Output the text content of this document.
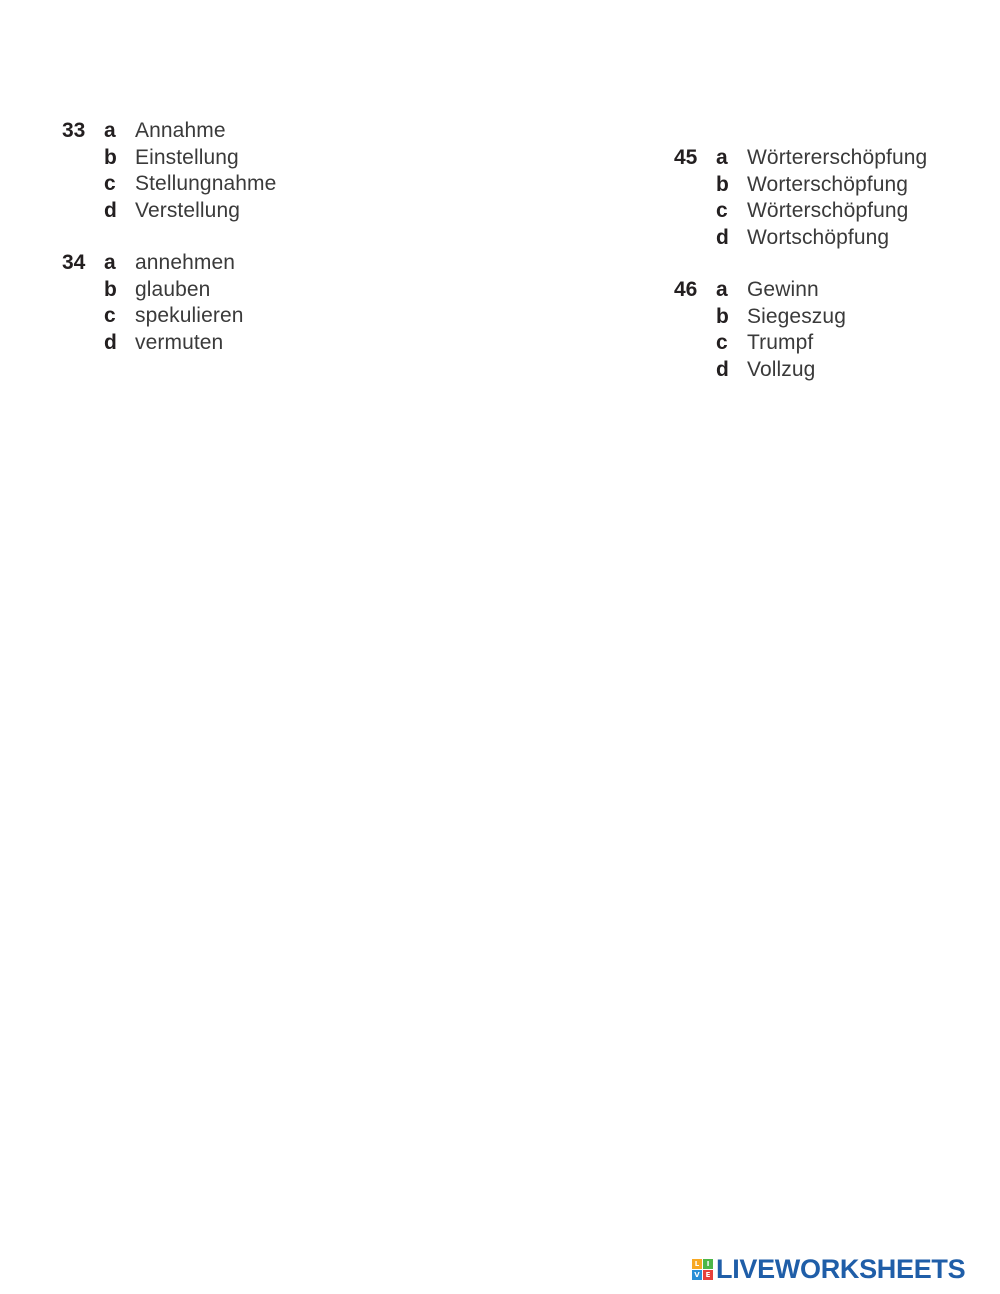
33 a Annahme
b Einstellung
c Stellungnahme
d Verstellung
34 a annehmen
b glauben
c spekulieren
d vermuten
45 a Wörtererschöpfung
b Worterschöpfung
c Wörterschöpfung
d Wortschöpfung
46 a Gewinn
b Siegeszug
c Trumpf
d Vollzug
L	I
V E LIVEWORKSHEETS
